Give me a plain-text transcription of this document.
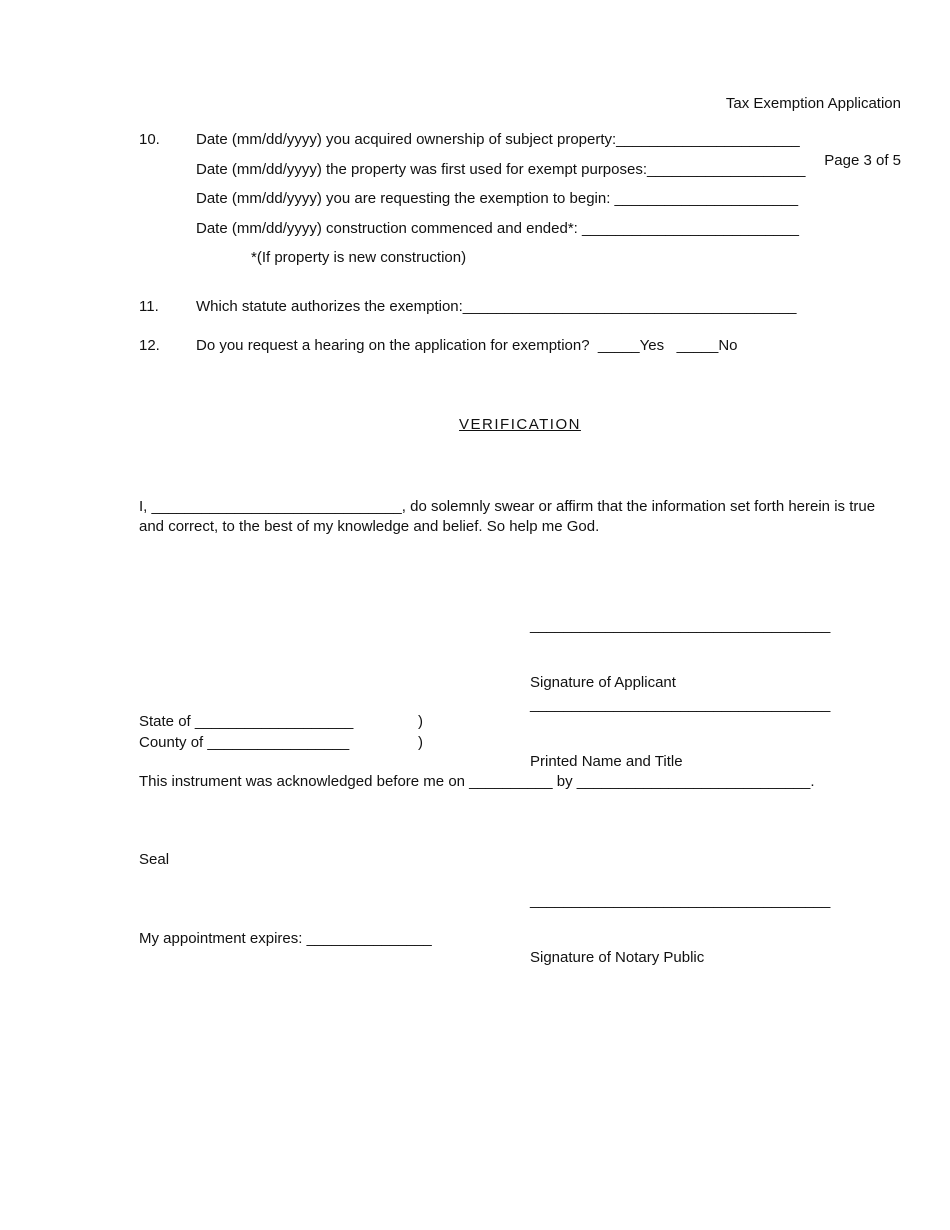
Tax Exemption Application

Page 3 of 5

10. Date (mm/dd/yyyy) you acquired ownership of subject property:______________________
Date (mm/dd/yyyy) the property was first used for exempt purposes:___________________
Date (mm/dd/yyyy) you are requesting the exemption to begin: ______________________
Date (mm/dd/yyyy) construction commenced and ended*: __________________________
*(If property is new construction)
11. Which statute authorizes the exemption:________________________________________
12. Do you request a hearing on the application for exemption?  _____Yes   _____No
VERIFICATION
I, ______________________________, do solemnly swear or affirm that the information set forth herein is true and correct, to the best of my knowledge and belief. So help me God.

____________________________________

Signature of Applicant

____________________________________

Printed Name and Title

State of ___________________	)
County of _________________	)
This instrument was acknowledged before me on __________ by ____________________________.
Seal

____________________________________

Signature of Notary Public

My appointment expires: _______________
